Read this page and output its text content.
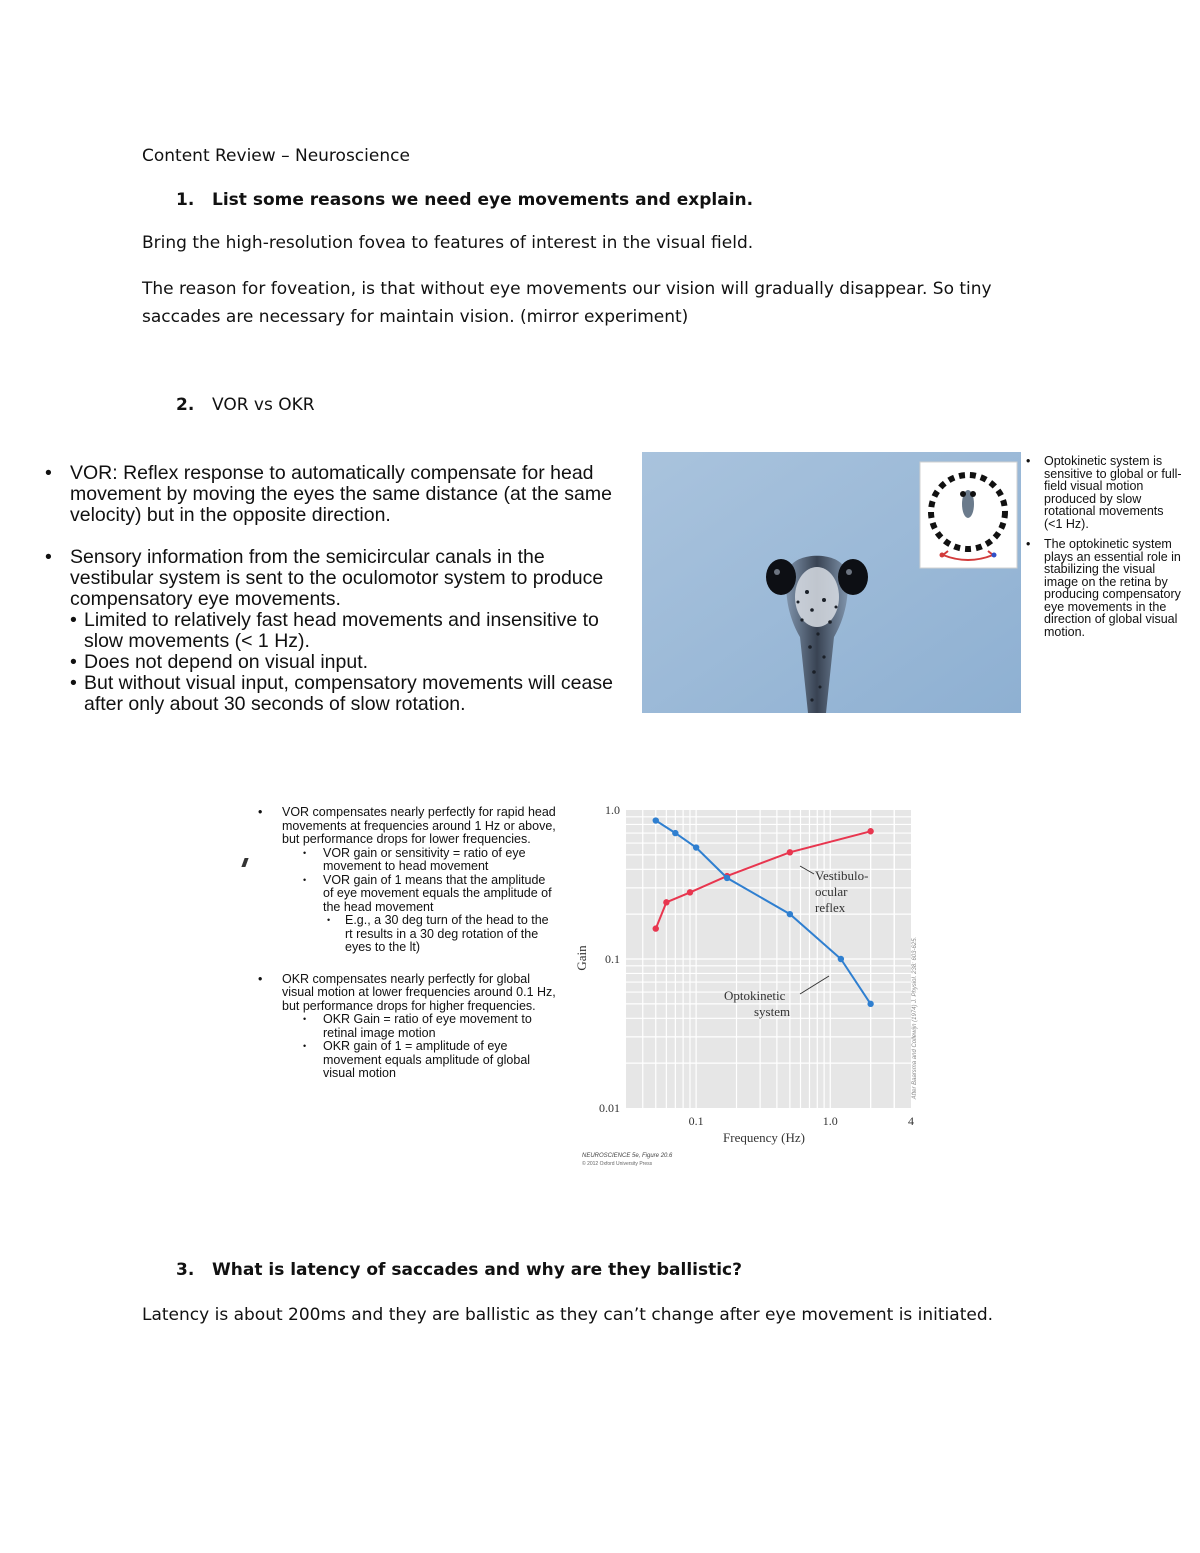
Content Review – Neuroscience
1. List some reasons we need eye movements and explain.
Bring the high-resolution fovea to features of interest in the visual field.
The reason for foveation, is that without eye movements our vision will gradually disappear. So tiny
saccades are necessary for maintain vision. (mirror experiment)
2. VOR vs OKR
• VOR: Reflex response to automatically compensate for head movement by moving the eyes the same distance (at the same velocity) but in the opposite direction.
• Sensory information from the semicircular canals in the vestibular system is sent to the oculomotor system to produce compensatory eye movements.
• Limited to relatively fast head movements and insensitive to slow movements (< 1 Hz).
• Does not depend on visual input.
• But without visual input, compensatory movements will cease after only about 30 seconds of slow rotation.
• Optokinetic system is sensitive to global or full-field visual motion produced by slow rotational movements (<1 Hz).
• The optokinetic system plays an essential role in stabilizing the visual image on the retina by producing compensatory eye movements in the direction of global visual motion.
• VOR compensates nearly perfectly for rapid head movements at frequencies around 1 Hz or above, but performance drops for lower frequencies.
• VOR gain or sensitivity = ratio of eye movement to head movement
• VOR gain of 1 means that the amplitude of eye movement equals the amplitude of the head movement
• E.g., a 30 deg turn of the head to the rt results in a 30 deg rotation of the eyes to the lt)
• OKR compensates nearly perfectly for global visual motion at lower frequencies around 0.1 Hz, but performance drops for higher frequencies.
• OKR Gain = ratio of eye movement to retinal image motion
• OKR gain of 1 = amplitude of eye movement equals amplitude of global visual motion
1.0
0.1
0.01
0.1	1.0	4
Gain
Frequency (Hz)
Vestibulo-
ocular
reflex
Optokinetic
system
NEUROSCIENCE 5e, Figure 20.6
© 2012 Oxford University Press
After Baarsma and Collewijn (1974) J. Physiol. 238: 603-625.
3. What is latency of saccades and why are they ballistic?
Latency is about 200ms and they are ballistic as they can’t change after eye movement is initiated.
